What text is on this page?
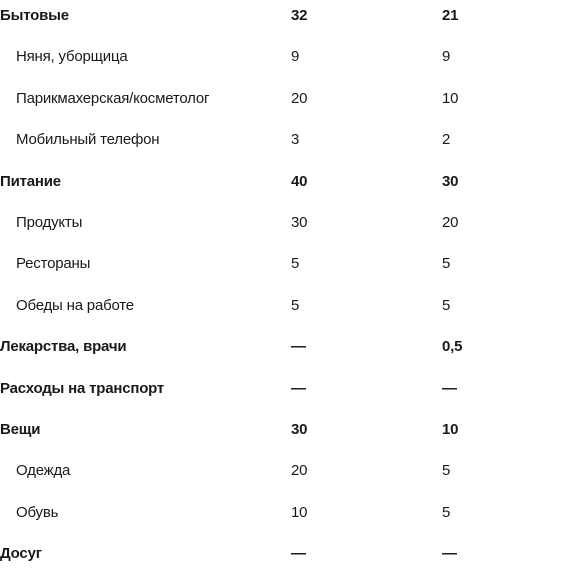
Бытовые	32	21
Няня, уборщица	9	9
Парикмахерская/косметолог	20	10
Мобильный телефон	3	2
Питание	40	30
Продукты	30	20
Рестораны	5	5
Обеды на работе	5	5
Лекарства, врачи	—	0,5
Расходы на транспорт	—	—
Вещи	30	10
Одежда	20	5
Обувь	10	5
Досуг	—	—
